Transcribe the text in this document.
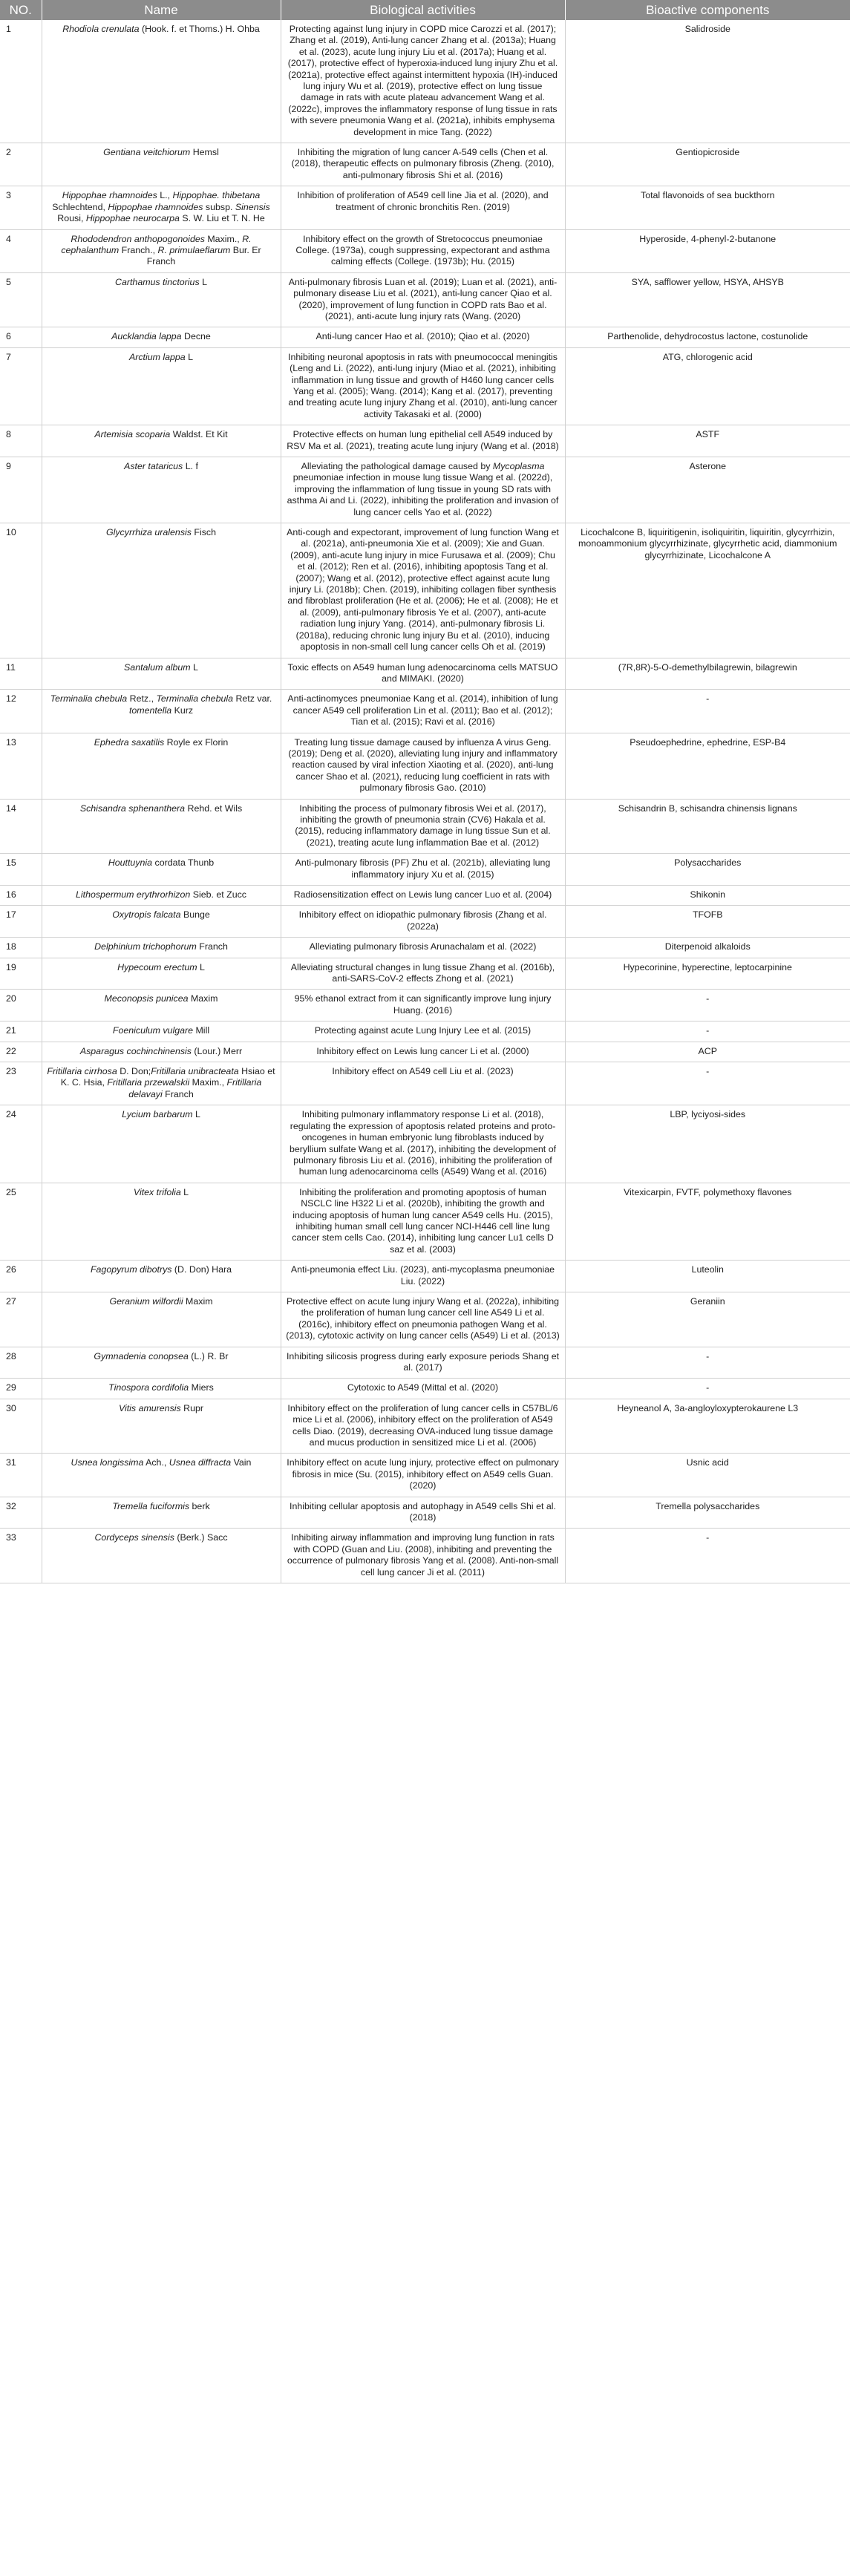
NO.	Name	Biological activities	Bioactive components
1	Rhodiola crenulata (Hook. f. et Thoms.) H. Ohba	Protecting against lung injury in COPD mice Carozzi et al. (2017); Zhang et al. (2019), Anti-lung cancer Zhang et al. (2013a); Huang et al. (2023), acute lung injury Liu et al. (2017a); Huang et al. (2017), protective effect of hyperoxia-induced lung injury Zhu et al. (2021a), protective effect against intermittent hypoxia (IH)-induced lung injury Wu et al. (2019), protective effect on lung tissue damage in rats with acute plateau advancement Wang et al. (2022c), improves the inflammatory response of lung tissue in rats with severe pneumonia Wang et al. (2021a), inhibits emphysema development in mice Tang. (2022)	Salidroside
2	Gentiana veitchiorum Hemsl	Inhibiting the migration of lung cancer A-549 cells (Chen et al. (2018), therapeutic effects on pulmonary fibrosis (Zheng. (2010), anti-pulmonary fibrosis Shi et al. (2016)	Gentiopicroside
3	Hippophae rhamnoides L., Hippophae. thibetana Schlechtend, Hippophae rhamnoides subsp. Sinensis Rousi, Hippophae neurocarpa S. W. Liu et T. N. He	Inhibition of proliferation of A549 cell line Jia et al. (2020), and treatment of chronic bronchitis Ren. (2019)	Total flavonoids of sea buckthorn
4	Rhododendron anthopogonoides Maxim., R. cephalanthum Franch., R. primulaeflarum Bur. Er Franch	Inhibitory effect on the growth of Stretococcus pneumoniae College. (1973a), cough suppressing, expectorant and asthma calming effects (College. (1973b); Hu. (2015)	Hyperoside, 4-phenyl-2-butanone
5	Carthamus tinctorius L	Anti-pulmonary fibrosis Luan et al. (2019); Luan et al. (2021), anti-pulmonary disease Liu et al. (2021), anti-lung cancer Qiao et al. (2020), improvement of lung function in COPD rats Bao et al. (2021), anti-acute lung injury rats (Wang. (2020)	SYA, safflower yellow, HSYA, AHSYB
6	Aucklandia lappa Decne	Anti-lung cancer Hao et al. (2010); Qiao et al. (2020)	Parthenolide, dehydrocostus lactone, costunolide
7	Arctium lappa L	Inhibiting neuronal apoptosis in rats with pneumococcal meningitis (Leng and Li. (2022), anti-lung injury (Miao et al. (2021), inhibiting inflammation in lung tissue and growth of H460 lung cancer cells Yang et al. (2005); Wang. (2014); Kang et al. (2017), preventing and treating acute lung injury Zhang et al. (2010), anti-lung cancer activity Takasaki et al. (2000)	ATG, chlorogenic acid
8	Artemisia scoparia Waldst. Et Kit	Protective effects on human lung epithelial cell A549 induced by RSV Ma et al. (2021), treating acute lung injury (Wang et al. (2018)	ASTF
9	Aster tataricus L. f	Alleviating the pathological damage caused by Mycoplasma pneumoniae infection in mouse lung tissue Wang et al. (2022d), improving the inflammation of lung tissue in young SD rats with asthma Ai and Li. (2022), inhibiting the proliferation and invasion of lung cancer cells Yao et al. (2022)	Asterone
10	Glycyrrhiza uralensis Fisch	Anti-cough and expectorant, improvement of lung function Wang et al. (2021a), anti-pneumonia Xie et al. (2009); Xie and Guan. (2009), anti-acute lung injury in mice Furusawa et al. (2009); Chu et al. (2012); Ren et al. (2016), inhibiting apoptosis Tang et al. (2007); Wang et al. (2012), protective effect against acute lung injury Li. (2018b); Chen. (2019), inhibiting collagen fiber synthesis and fibroblast proliferation (He et al. (2006); He et al. (2008); He et al. (2009), anti-pulmonary fibrosis Ye et al. (2007), anti-acute radiation lung injury Yang. (2014), anti-pulmonary fibrosis Li. (2018a), reducing chronic lung injury Bu et al. (2010), inducing apoptosis in non-small cell lung cancer cells Oh et al. (2019)	Licochalcone B, liquiritigenin, isoliquiritin, liquiritin, glycyrrhizin, monoammonium glycyrrhizinate, glycyrrhetic acid, diammonium glycyrrhizinate, Licochalcone A
11	Santalum album L	Toxic effects on A549 human lung adenocarcinoma cells MATSUO and MIMAKI. (2020)	(7R,8R)-5-O-demethylbilagrewin, bilagrewin
12	Terminalia chebula Retz., Terminalia chebula Retz var. tomentella Kurz	Anti-actinomyces pneumoniae Kang et al. (2014), inhibition of lung cancer A549 cell proliferation Lin et al. (2011); Bao et al. (2012); Tian et al. (2015); Ravi et al. (2016)	-
13	Ephedra saxatilis Royle ex Florin	Treating lung tissue damage caused by influenza A virus Geng. (2019); Deng et al. (2020), alleviating lung injury and inflammatory reaction caused by viral infection Xiaoting et al. (2020), anti-lung cancer Shao et al. (2021), reducing lung coefficient in rats with pulmonary fibrosis Gao. (2010)	Pseudoephedrine, ephedrine, ESP-B4
14	Schisandra sphenanthera Rehd. et Wils	Inhibiting the process of pulmonary fibrosis Wei et al. (2017), inhibiting the growth of pneumonia strain (CV6) Hakala et al. (2015), reducing inflammatory damage in lung tissue Sun et al. (2021), treating acute lung inflammation Bae et al. (2012)	Schisandrin B, schisandra chinensis lignans
15	Houttuynia cordata Thunb	Anti-pulmonary fibrosis (PF) Zhu et al. (2021b), alleviating lung inflammatory injury Xu et al. (2015)	Polysaccharides
16	Lithospermum erythrorhizon Sieb. et Zucc	Radiosensitization effect on Lewis lung cancer Luo et al. (2004)	Shikonin
17	Oxytropis falcata Bunge	Inhibitory effect on idiopathic pulmonary fibrosis (Zhang et al. (2022a)	TFOFB
18	Delphinium trichophorum Franch	Alleviating pulmonary fibrosis Arunachalam et al. (2022)	Diterpenoid alkaloids
19	Hypecoum erectum L	Alleviating structural changes in lung tissue Zhang et al. (2016b), anti-SARS-CoV-2 effects Zhong et al. (2021)	Hypecorinine, hyperectine, leptocarpinine
20	Meconopsis punicea Maxim	95% ethanol extract from it can significantly improve lung injury Huang. (2016)	-
21	Foeniculum vulgare Mill	Protecting against acute Lung Injury Lee et al. (2015)	-
22	Asparagus cochinchinensis (Lour.) Merr	Inhibitory effect on Lewis lung cancer Li et al. (2000)	ACP
23	Fritillaria cirrhosa D. Don;Fritillaria unibracteata Hsiao et K. C. Hsia, Fritillaria przewalskii Maxim., Fritillaria delavayi Franch	Inhibitory effect on A549 cell Liu et al. (2023)	-
24	Lycium barbarum L	Inhibiting pulmonary inflammatory response Li et al. (2018), regulating the expression of apoptosis related proteins and proto-oncogenes in human embryonic lung fibroblasts induced by beryllium sulfate Wang et al. (2017), inhibiting the development of pulmonary fibrosis Liu et al. (2016), inhibiting the proliferation of human lung adenocarcinoma cells (A549) Wang et al. (2016)	LBP, lyciyosi-sides
25	Vitex trifolia L	Inhibiting the proliferation and promoting apoptosis of human NSCLC line H322 Li et al. (2020b), inhibiting the growth and inducing apoptosis of human lung cancer A549 cells Hu. (2015), inhibiting human small cell lung cancer NCI-H446 cell line lung cancer stem cells Cao. (2014), inhibiting lung cancer Lu1 cells D saz et al. (2003)	Vitexicarpin, FVTF, polymethoxy flavones
26	Fagopyrum dibotrys (D. Don) Hara	Anti-pneumonia effect Liu. (2023), anti-mycoplasma pneumoniae Liu. (2022)	Luteolin
27	Geranium wilfordii Maxim	Protective effect on acute lung injury Wang et al. (2022a), inhibiting the proliferation of human lung cancer cell line A549 Li et al. (2016c), inhibitory effect on pneumonia pathogen Wang et al. (2013), cytotoxic activity on lung cancer cells (A549) Li et al. (2013)	Geraniin
28	Gymnadenia conopsea (L.) R. Br	Inhibiting silicosis progress during early exposure periods Shang et al. (2017)	-
29	Tinospora cordifolia Miers	Cytotoxic to A549 (Mittal et al. (2020)	-
30	Vitis amurensis Rupr	Inhibitory effect on the proliferation of lung cancer cells in C57BL/6 mice Li et al. (2006), inhibitory effect on the proliferation of A549 cells Diao. (2019), decreasing OVA-induced lung tissue damage and mucus production in sensitized mice Li et al. (2006)	Heyneanol A, 3a-angloyloxypterokaurene L3
31	Usnea longissima Ach., Usnea diffracta Vain	Inhibitory effect on acute lung injury, protective effect on pulmonary fibrosis in mice (Su. (2015), inhibitory effect on A549 cells Guan. (2020)	Usnic acid
32	Tremella fuciformis berk	Inhibiting cellular apoptosis and autophagy in A549 cells Shi et al. (2018)	Tremella polysaccharides
33	Cordyceps sinensis (Berk.) Sacc	Inhibiting airway inflammation and improving lung function in rats with COPD (Guan and Liu. (2008), inhibiting and preventing the occurrence of pulmonary fibrosis Yang et al. (2008). Anti-non-small cell lung cancer Ji et al. (2011)	-
